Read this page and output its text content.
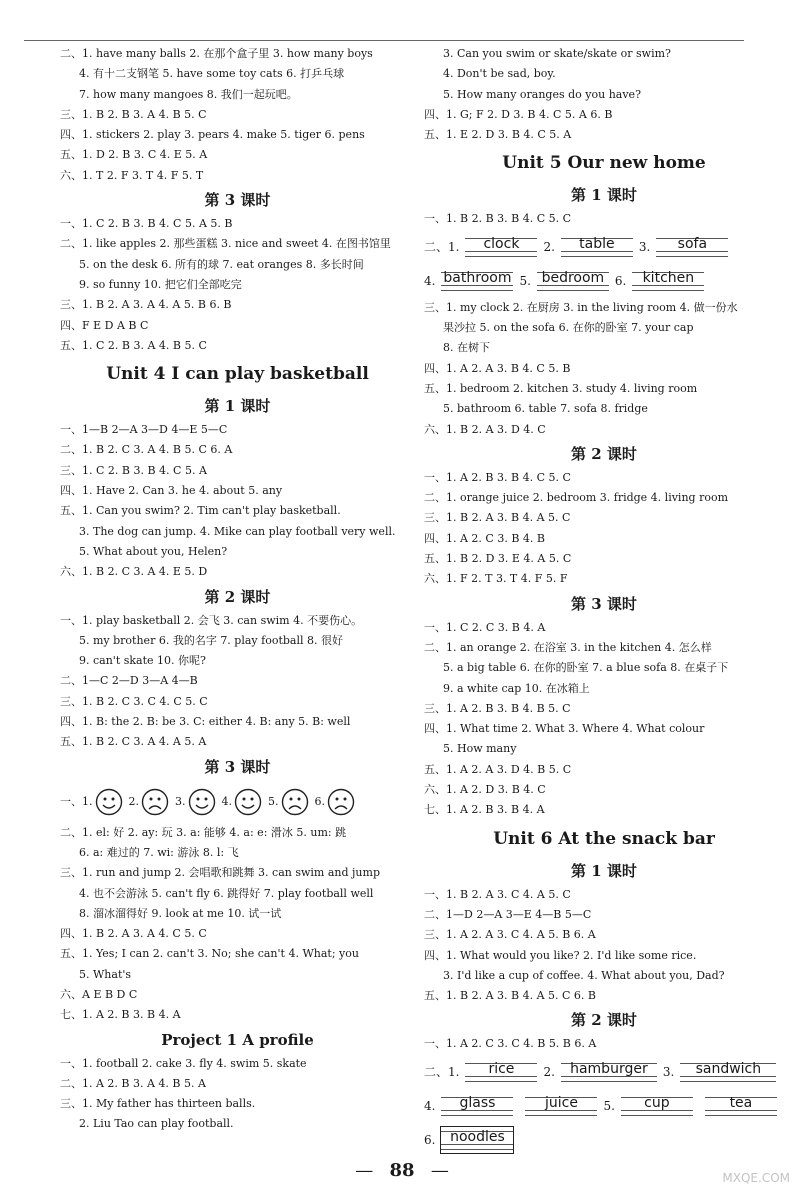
二、1. have many balls 2. 在那个盒子里 3. how many boys
4. 有十二支钢笔 5. have some toy cats 6. 打乒乓球
7. how many mangoes 8. 我们一起玩吧。
三、1. B 2. B 3. A 4. B 5. C
四、1. stickers 2. play 3. pears 4. make 5. tiger 6. pens
五、1. D 2. B 3. C 4. E 5. A
六、1. T 2. F 3. T 4. F 5. T
第 3 课时
一、1. C 2. B 3. B 4. C 5. A 5. B
二、1. like apples 2. 那些蛋糕 3. nice and sweet 4. 在图书馆里
5. on the desk 6. 所有的球 7. eat oranges 8. 多长时间
9. so funny 10. 把它们全部吃完
三、1. B 2. A 3. A 4. A 5. B 6. B
四、F E D A B C
五、1. C 2. B 3. A 4. B 5. C
Unit 4 I can play basketball
第 1 课时
一、1—B 2—A 3—D 4—E 5—C
二、1. B 2. C 3. A 4. B 5. C 6. A
三、1. C 2. B 3. B 4. C 5. A
四、1. Have 2. Can 3. he 4. about 5. any
五、1. Can you swim? 2. Tim can't play basketball.
3. The dog can jump. 4. Mike can play football very well.
5. What about you, Helen?
六、1. B 2. C 3. A 4. E 5. D
第 2 课时
一、1. play basketball 2. 会飞 3. can swim 4. 不要伤心。
5. my brother 6. 我的名字 7. play football 8. 很好
9. can't skate 10. 你呢?
二、1—C 2—D 3—A 4—B
三、1. B 2. C 3. C 4. C 5. C
四、1. B: the 2. B: be 3. C: either 4. B: any 5. B: well
五、1. B 2. C 3. A 4. A 5. A
第 3 课时
一、1.	2.	3.	4.	5.	6.
二、1. el: 好 2. ay: 玩 3. a: 能够 4. a: e: 滑冰 5. um: 跳
6. a: 难过的 7. wi: 游泳 8. l: 飞
三、1. run and jump 2. 会唱歌和跳舞 3. can swim and jump
4. 也不会游泳 5. can't fly 6. 跳得好 7. play football well
8. 溜冰溜得好 9. look at me 10. 试一试
四、1. B 2. A 3. A 4. C 5. C
五、1. Yes; I can 2. can't 3. No; she can't 4. What; you
5. What's
六、A E B D C
七、1. A 2. B 3. B 4. A
Project 1 A profile
一、1. football 2. cake 3. fly 4. swim 5. skate
二、1. A 2. B 3. A 4. B 5. A
三、1. My father has thirteen balls.
2. Liu Tao can play football.
3. Can you swim or skate/skate or swim?
4. Don't be sad, boy.
5. How many oranges do you have?
四、1. G; F 2. D 3. B 4. C 5. A 6. B
五、1. E 2. D 3. B 4. C 5. A
Unit 5 Our new home
第 1 课时
一、1. B 2. B 3. B 4. C 5. C
二、1.	clock	2.	table	3.	sofa
4. bathroom 5. bedroom 6.	kitchen
三、1. my clock 2. 在厨房 3. in the living room 4. 做一份水
果沙拉 5. on the sofa 6. 在你的卧室 7. your cap
8. 在树下
四、1. A 2. A 3. B 4. C 5. B
五、1. bedroom 2. kitchen 3. study 4. living room
5. bathroom 6. table 7. sofa 8. fridge
六、1. B 2. A 3. D 4. C
第 2 课时
一、1. A 2. B 3. B 4. C 5. C
二、1. orange juice 2. bedroom 3. fridge 4. living room
三、1. B 2. A 3. B 4. A 5. C
四、1. A 2. C 3. B 4. B
五、1. B 2. D 3. E 4. A 5. C
六、1. F 2. T 3. T 4. F 5. F
第 3 课时
一、1. C 2. C 3. B 4. A
二、1. an orange 2. 在浴室 3. in the kitchen 4. 怎么样
5. a big table 6. 在你的卧室 7. a blue sofa 8. 在桌子下
9. a white cap 10. 在冰箱上
三、1. A 2. B 3. B 4. B 5. C
四、1. What time 2. What 3. Where 4. What colour
5. How many
五、1. A 2. A 3. D 4. B 5. C
六、1. A 2. D 3. B 4. C
七、1. A 2. B 3. B 4. A
Unit 6 At the snack bar
第 1 课时
一、1. B 2. A 3. C 4. A 5. C
二、1—D 2—A 3—E 4—B 5—C
三、1. A 2. A 3. C 4. A 5. B 6. A
四、1. What would you like? 2. I'd like some rice.
3. I'd like a cup of coffee. 4. What about you, Dad?
五、1. B 2. A 3. B 4. A 5. C 6. B
第 2 课时
一、1. A 2. C 3. C 4. B 5. B 6. A
二、1.	rice	2.	hamburger	3.	sandwich
4.	glass	juice	5.	cup	tea
6.	noodles
— 88 —	MXQE.COM
